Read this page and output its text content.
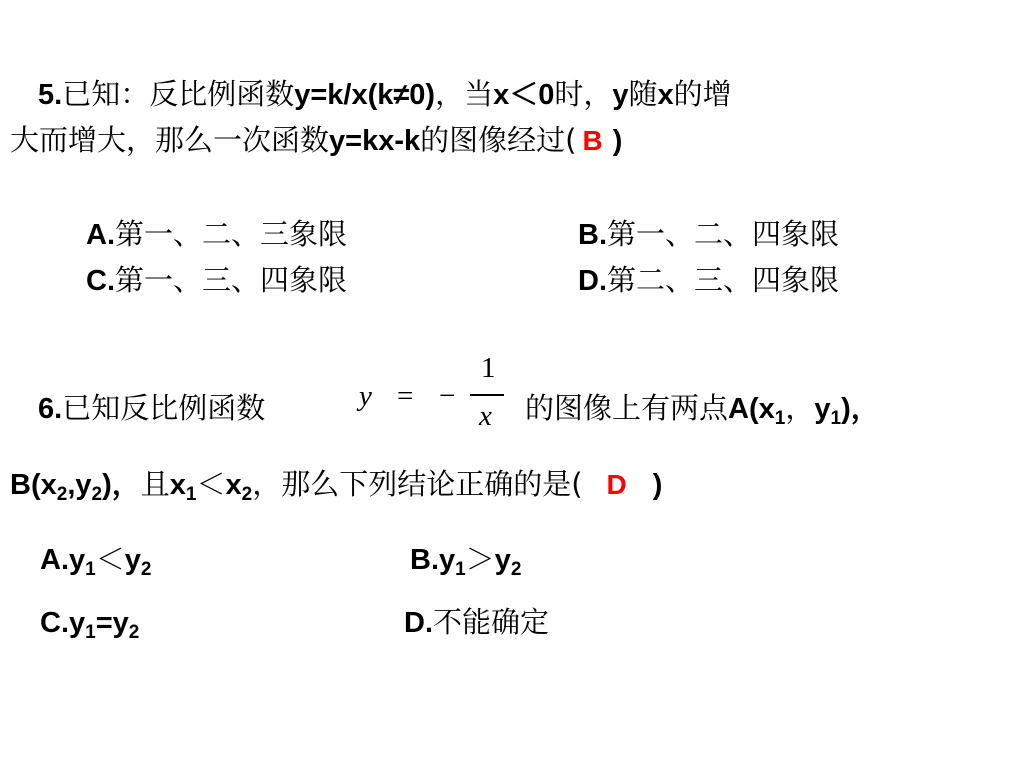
5.已知：反比例函数y=k/x(k≠0)，当x＜0时，y随x的增
大而增大，那么一次函数y=kx-k的图像经过( B )
A.第一、二、三象限	B.第一、二、四象限
C.第一、三、四象限	D.第二、三、四象限
6.已知反比例函数	y = −
1
x 的图像上有两点$A(x_1$，$y_1$)，
$B(x_2,y_2)$，且$x_1<x_2$，那么下列结论正确的是( D )
$A.y_1<y_2$	$B.y_1>y_2$
$C.y_1=y_2$	D.不能确定
